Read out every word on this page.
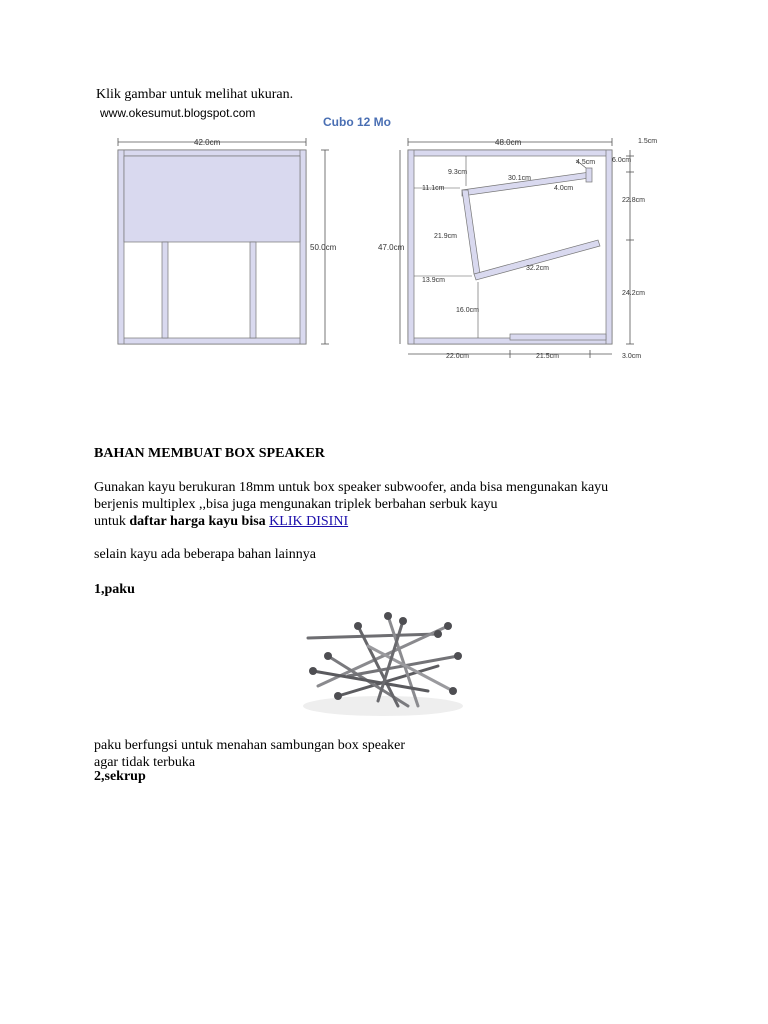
Klik gambar untuk melihat ukuran.
www.okesumut.blogspot.com
Cubo 12 Mo
42.0cm
50.0cm
48.0cm
47.0cm
1.5cm
4.5cm 6.0cm
9.3cm
30.1cm
11.1cm	4.0cm
22.8cm
21.9cm
32.2cm
13.9cm
24.2cm
16.0cm
22.0cm	21.5cm	3.0cm
BAHAN MEMBUAT BOX SPEAKER
Gunakan kayu berukuran 18mm untuk box speaker subwoofer, anda bisa mengunakan kayu
berjenis multiplex ,,bisa juga mengunakan triplek berbahan serbuk kayu
untuk daftar harga kayu bisa KLIK DISINI
selain kayu ada beberapa bahan lainnya
1,paku
paku berfungsi untuk menahan sambungan box speaker
agar tidak terbuka
2,sekrup
